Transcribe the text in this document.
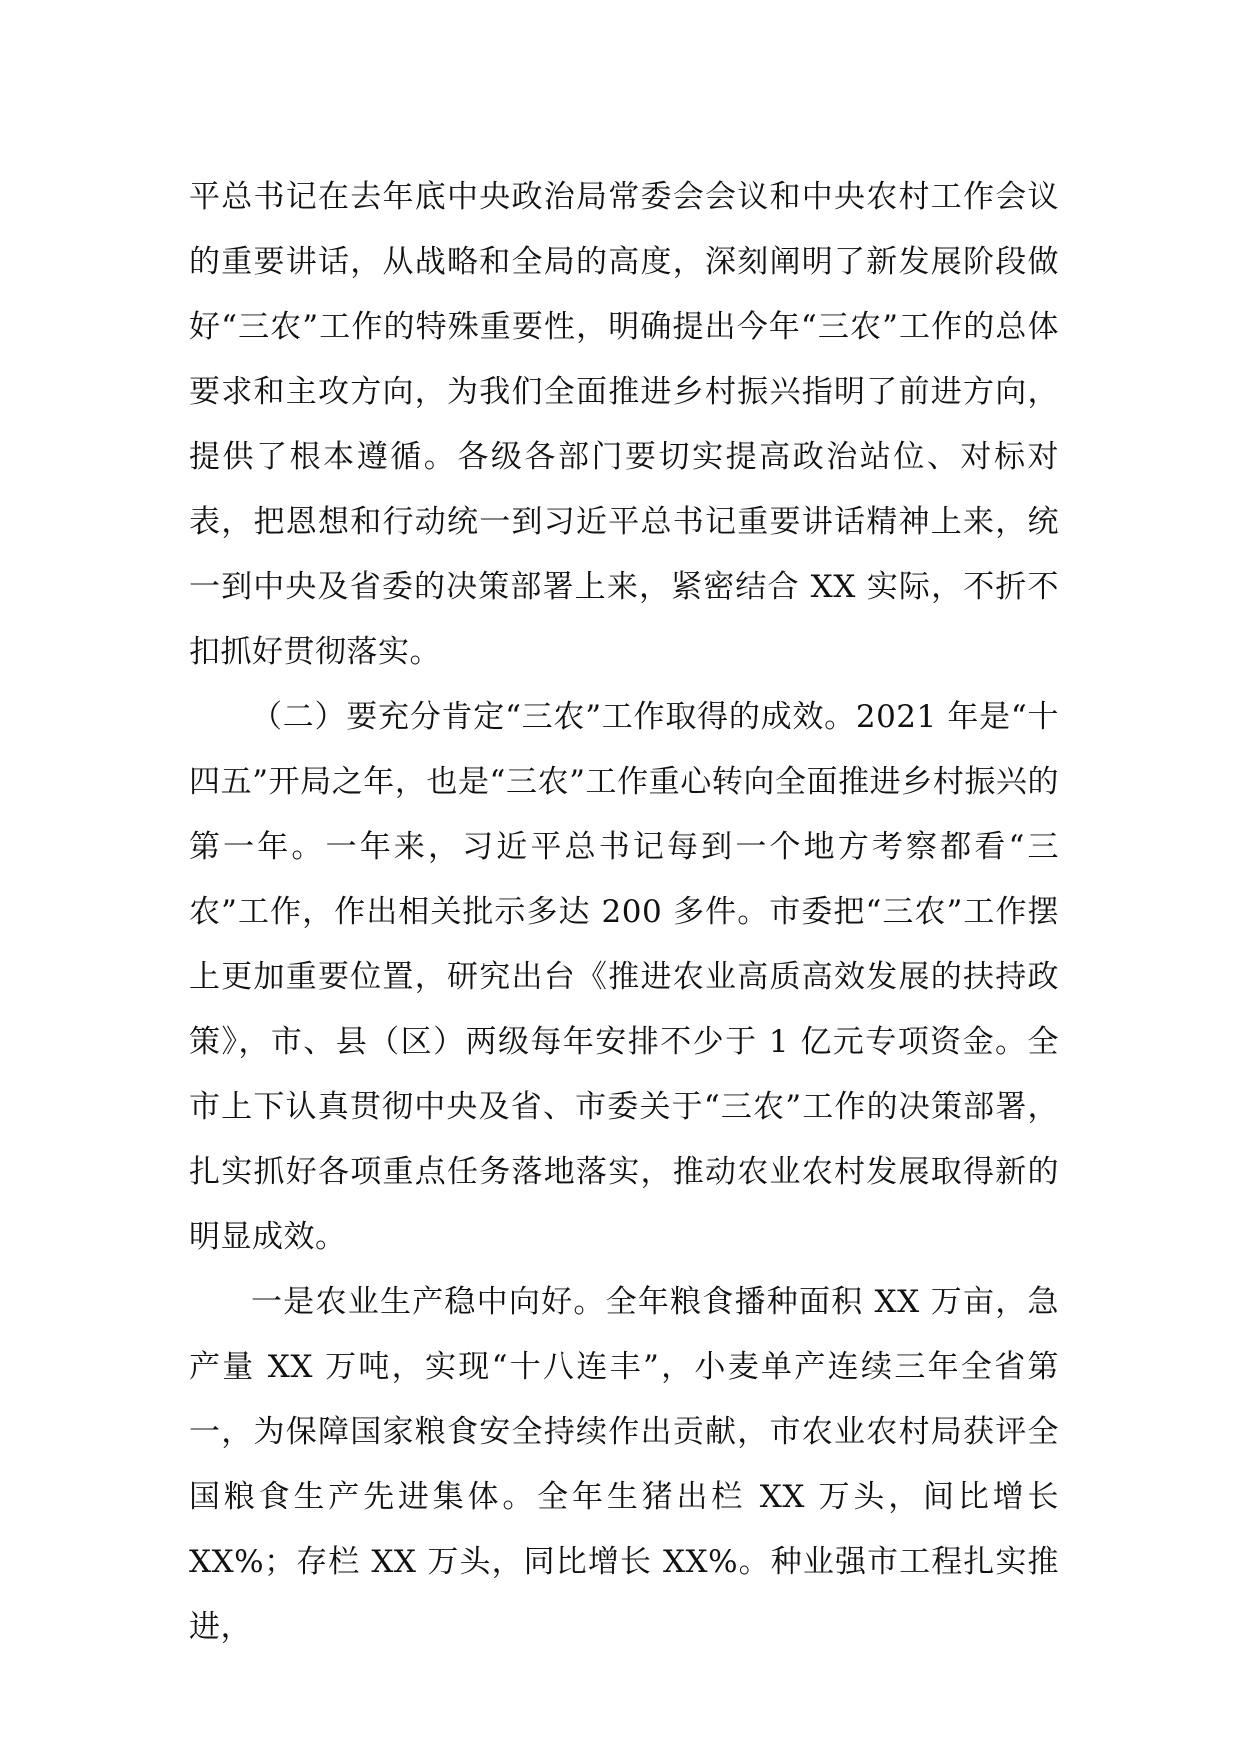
平总书记在去年底中央政治局常委会会议和中央农村工作会议的重要讲话，从战略和全局的高度，深刻阐明了新发展阶段做好“三农”工作的特殊重要性，明确提出今年“三农”工作的总体要求和主攻方向，为我们全面推进乡村振兴指明了前进方向，提供了根本遵循。各级各部门要切实提高政治站位、对标对表，把恩想和行动统一到习近平总书记重要讲话精神上来，统一到中央及省委的决策部署上来，紧密结合 XX 实际，不折不扣抓好贯彻落实。

（二）要充分肯定“三农”工作取得的成效。2021 年是“十四五”开局之年，也是“三农”工作重心转向全面推进乡村振兴的第一年。一年来，习近平总书记每到一个地方考察都看“三农”工作，作出相关批示多达 200 多件。市委把“三农”工作摆上更加重要位置，研究出台《推进农业高质高效发展的扶持政策》，市、县（区）两级每年安排不少于 1 亿元专项资金。全市上下认真贯彻中央及省、市委关于“三农”工作的决策部署，扎实抓好各项重点任务落地落实，推动农业农村发展取得新的明显成效。

一是农业生产稳中向好。全年粮食播种面积 XX 万亩，急产量 XX 万吨，实现“十八连丰”，小麦单产连续三年全省第一，为保障国家粮食安全持续作出贡献，市农业农村局获评全国粮食生产先进集体。全年生猪出栏 XX 万头，间比增长 XX%；存栏 XX 万头，同比增长 XX%。种业强市工程扎实推进，
